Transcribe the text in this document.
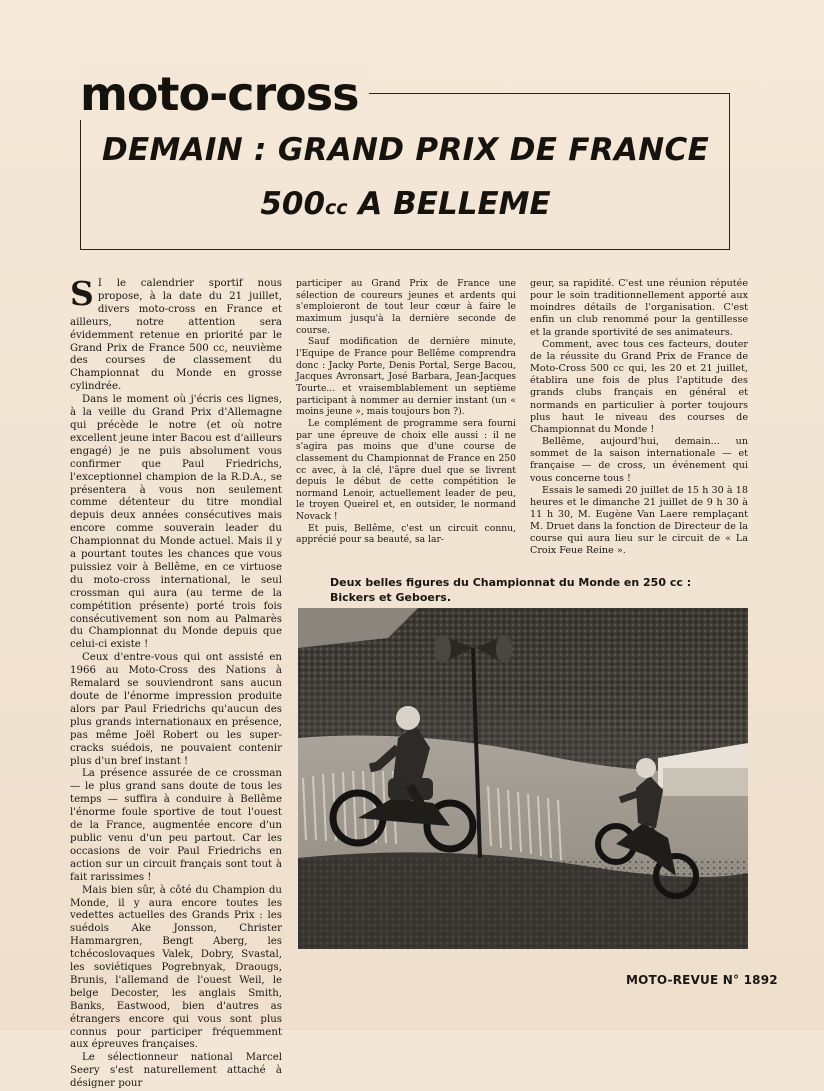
moto-cross
DEMAIN : GRAND PRIX DE FRANCE
500cc A BELLEME

S I le calendrier sportif nous propose, à la date du 21 juillet, divers moto-cross en France et ailleurs, notre attention sera évidemment retenue en priorité par le Grand Prix de France 500 cc, neuvième des courses de classement du Championnat du Monde en grosse cylindrée.

Dans le moment où j'écris ces lignes, à la veille du Grand Prix d'Allemagne qui précède le notre (et où notre excellent jeune inter Bacou est d'ailleurs engagé) je ne puis absolument vous confirmer que Paul Friedrichs, l'exceptionnel champion de la R.D.A., se présentera à vous non seulement comme détenteur du titre mondial depuis deux années consécutives mais encore comme souverain leader du Championnat du Monde actuel. Mais il y a pourtant toutes les chances que vous puissiez voir à Bellême, en ce virtuose du moto-cross international, le seul crossman qui aura (au terme de la compétition présente) porté trois fois consécutivement son nom au Palmarès du Championnat du Monde depuis que celui-ci existe !

Ceux d'entre-vous qui ont assisté en 1966 au Moto-Cross des Nations à Remalard se souviendront sans aucun doute de l'énorme impression produite alors par Paul Friedrichs qu'aucun des plus grands internationaux en présence, pas même Joël Robert ou les super-cracks suédois, ne pouvaient contenir plus d'un bref instant !

La présence assurée de ce crossman — le plus grand sans doute de tous les temps — suffira à conduire à Bellême l'énorme foule sportive de tout l'ouest de la France, augmentée encore d'un public venu d'un peu partout. Car les occasions de voir Paul Friedrichs en action sur un circuit français sont tout à fait rarissimes !

Mais bien sûr, à côté du Champion du Monde, il y aura encore toutes les vedettes actuelles des Grands Prix : les suédois Ake Jonsson, Christer Hammargren, Bengt Aberg, les tchécoslovaques Valek, Dobry, Svastal, les soviétiques Pogrebnyak, Draougs, Brunis, l'allemand de l'ouest Weil, le belge Decoster, les anglais Smith, Banks, Eastwood, bien d'autres as étrangers encore qui vous sont plus connus pour participer fréquemment aux épreuves françaises.

Le sélectionneur national Marcel Seery s'est naturellement attaché à désigner pour

participer au Grand Prix de France une sélection de coureurs jeunes et ardents qui s'emploieront de tout leur cœur à faire le maximum jusqu'à la dernière seconde de course.

Sauf modification de dernière minute, l'Equipe de France pour Bellême comprendra donc : Jacky Porte, Denis Portal, Serge Bacou, Jacques Avronsart, José Barbara, Jean-Jacques Tourte... et vraisemblablement un septième participant à nommer au dernier instant (un « moins jeune », mais toujours bon ?).

Le complément de programme sera fourni par une épreuve de choix elle aussi : il ne s'agira pas moins que d'une course de classement du Championnat de France en 250 cc avec, à la clé, l'âpre duel que se livrent depuis le début de cette compétition le normand Lenoir, actuellement leader de peu, le troyen Queirel et, en outsider, le normand Novack !

Et puis, Bellême, c'est un circuit connu, apprécié pour sa beauté, sa lar-

geur, sa rapidité. C'est une réunion réputée pour le soin traditionnellement apporté aux moindres détails de l'organisation. C'est enfin un club renommé pour la gentillesse et la grande sportivité de ses animateurs.

Comment, avec tous ces facteurs, douter de la réussite du Grand Prix de France de Moto-Cross 500 cc qui, les 20 et 21 juillet, établira une fois de plus l'aptitude des grands clubs français en général et normands en particulier à porter toujours plus haut le niveau des courses de Championnat du Monde !

Bellême, aujourd'hui, demain... un sommet de la saison internationale — et française — de cross, un événement qui vous concerne tous !

Essais le samedi 20 juillet de 15 h 30 à 18 heures et le dimanche 21 juillet de 9 h 30 à 11 h 30, M. Eugène Van Laere remplaçant M. Druet dans la fonction de Directeur de la course qui aura lieu sur le circuit de « La Croix Feue Reine ».

Deux belles figures du Championnat du Monde en 250 cc :
Bickers et Geboers.
MOTO-REVUE N° 1892
